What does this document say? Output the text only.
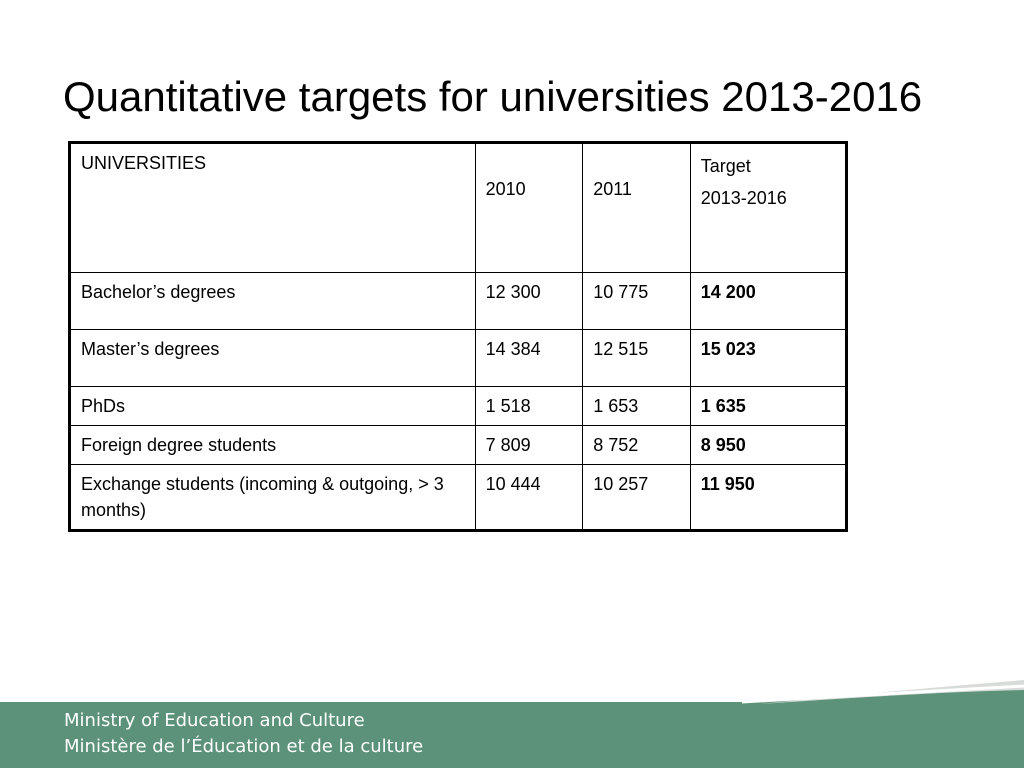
Quantitative targets for universities 2013-2016
UNIVERSITIES	2010	2011	Target
2013-2016

Bachelor’s degrees	12 300	10 775	14 200
Master’s degrees	14 384	12 515	15 023
PhDs	1 518	1 653	1 635
Foreign degree students	7 809	8 752	8 950
Exchange students (incoming & outgoing, > 3 months)	10 444	10 257	11 950
Ministry of Education and Culture
Ministère de l’Éducation et de la culture
